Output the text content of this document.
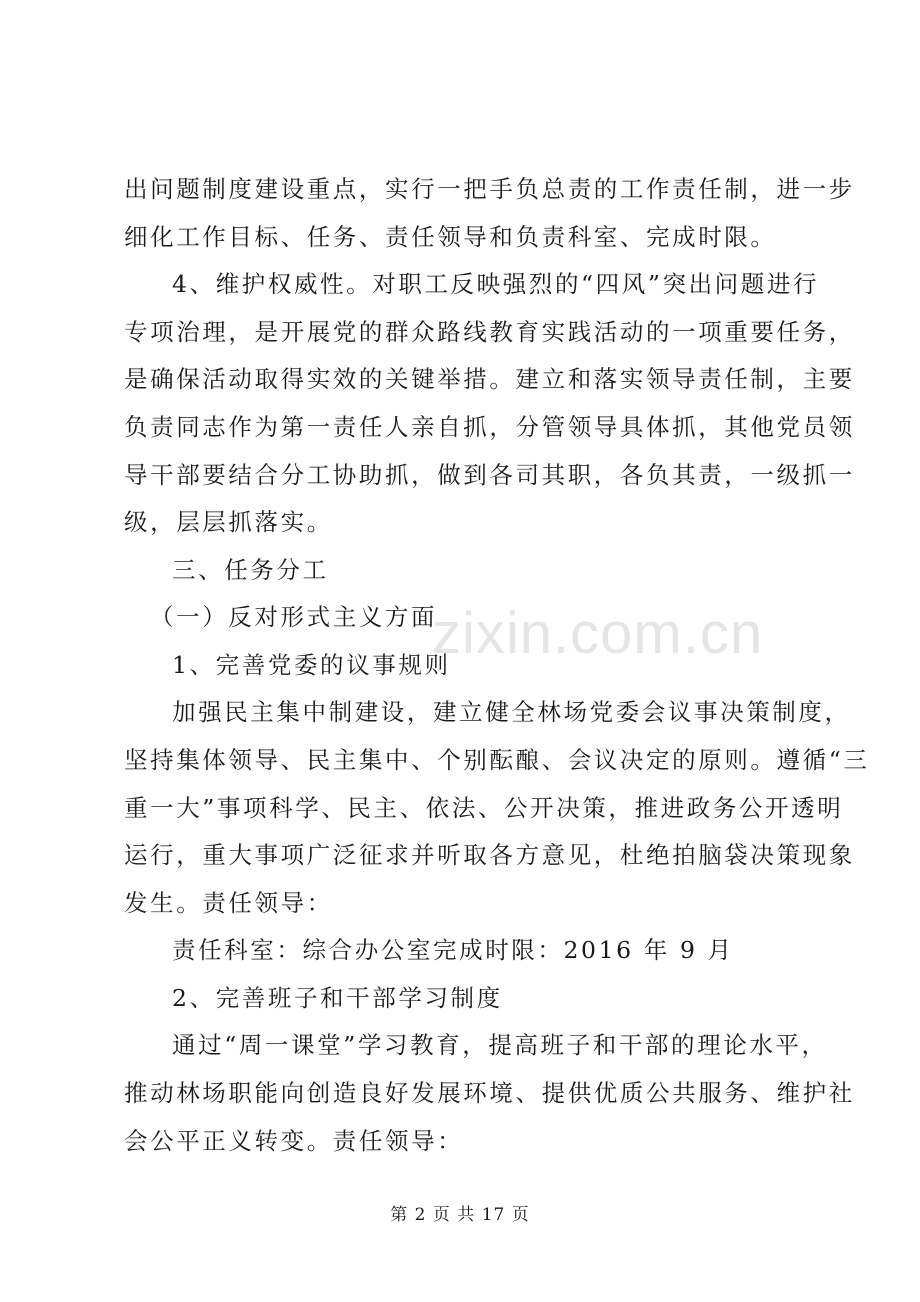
出问题制度建设重点，实行一把手负总责的工作责任制，进一步
细化工作目标、任务、责任领导和负责科室、完成时限。
4、维护权威性。对职工反映强烈的“四风”突出问题进行
专项治理，是开展党的群众路线教育实践活动的一项重要任务，
是确保活动取得实效的关键举措。建立和落实领导责任制，主要
负责同志作为第一责任人亲自抓，分管领导具体抓，其他党员领
导干部要结合分工协助抓，做到各司其职，各负其责，一级抓一
级，层层抓落实。
三、任务分工
（一）反对形式主义方面
1、完善党委的议事规则
加强民主集中制建设，建立健全林场党委会议事决策制度，
坚持集体领导、民主集中、个别酝酿、会议决定的原则。遵循“三
重一大”事项科学、民主、依法、公开决策，推进政务公开透明
运行，重大事项广泛征求并听取各方意见，杜绝拍脑袋决策现象
发生。责任领导：
责任科室：综合办公室完成时限：2016 年 9 月
2、完善班子和干部学习制度
通过“周一课堂”学习教育，提高班子和干部的理论水平，
推动林场职能向创造良好发展环境、提供优质公共服务、维护社
会公平正义转变。责任领导：
zixin.com.cn
第 2 页 共 17 页
